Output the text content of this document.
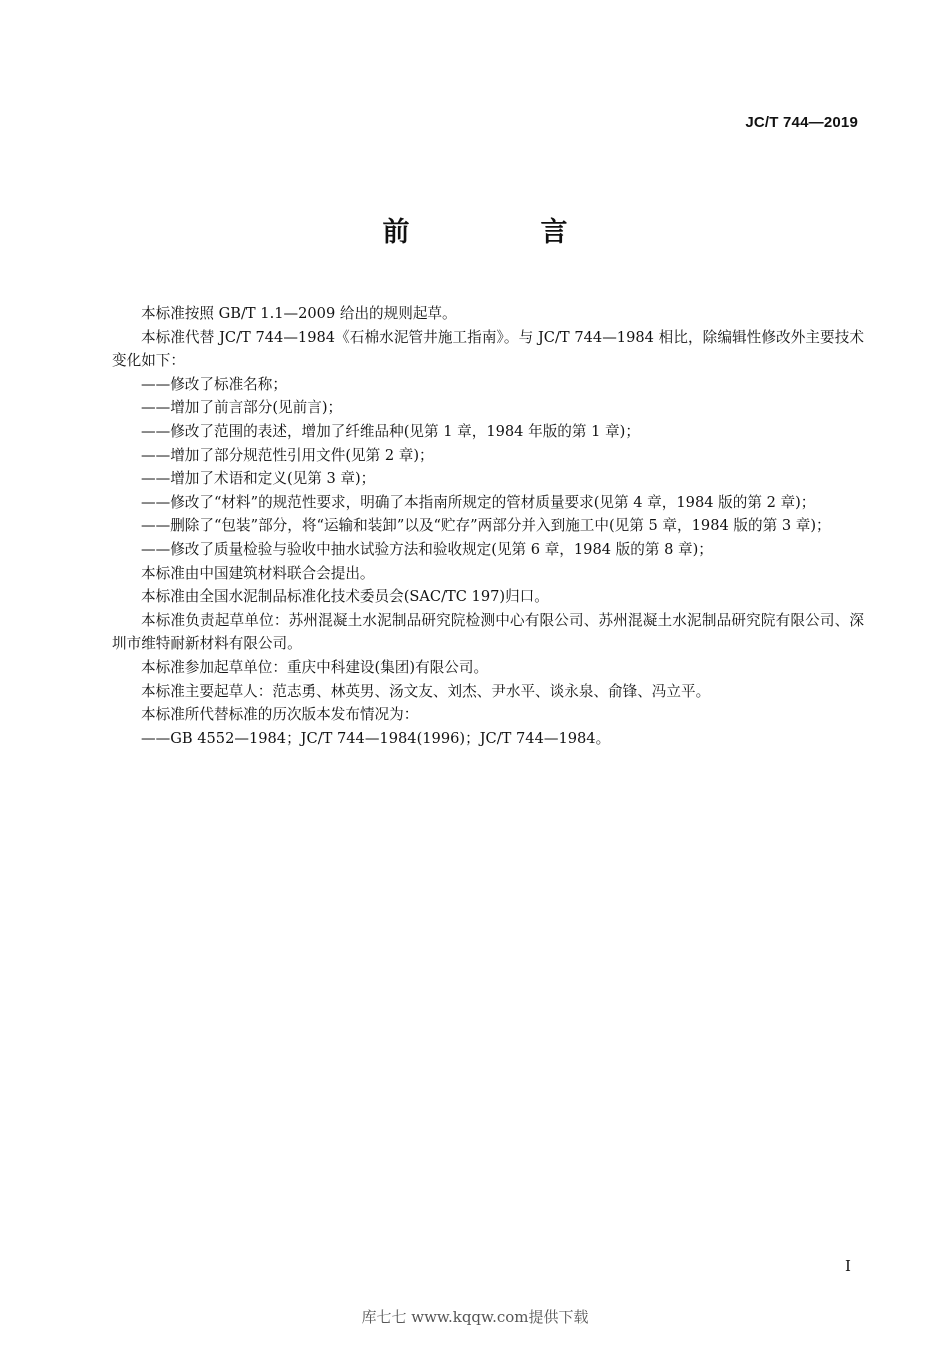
JC/T 744—2019
前　言

本标准按照 GB/T 1.1—2009 给出的规则起草。

本标准代替 JC/T 744—1984《石棉水泥管井施工指南》。与 JC/T 744—1984 相比，除编辑性修改外主要技术变化如下：

——修改了标准名称；

——增加了前言部分(见前言)；

——修改了范围的表述，增加了纤维品种(见第 1 章，1984 年版的第 1 章)；

——增加了部分规范性引用文件(见第 2 章)；

——增加了术语和定义(见第 3 章)；

——修改了“材料”的规范性要求，明确了本指南所规定的管材质量要求(见第 4 章，1984 版的第 2 章)；

——删除了“包装”部分，将“运输和装卸”以及“贮存”两部分并入到施工中(见第 5 章，1984 版的第 3 章)；

——修改了质量检验与验收中抽水试验方法和验收规定(见第 6 章，1984 版的第 8 章)；

本标准由中国建筑材料联合会提出。

本标准由全国水泥制品标准化技术委员会(SAC/TC 197)归口。

本标准负责起草单位：苏州混凝土水泥制品研究院检测中心有限公司、苏州混凝土水泥制品研究院有限公司、深圳市维特耐新材料有限公司。

本标准参加起草单位：重庆中科建设(集团)有限公司。

本标准主要起草人：范志勇、林英男、汤文友、刘杰、尹水平、谈永泉、俞锋、冯立平。

本标准所代替标准的历次版本发布情况为：

——GB 4552—1984；JC/T 744—1984(1996)；JC/T 744—1984。

I
库七七 www.kqqw.com提供下载
